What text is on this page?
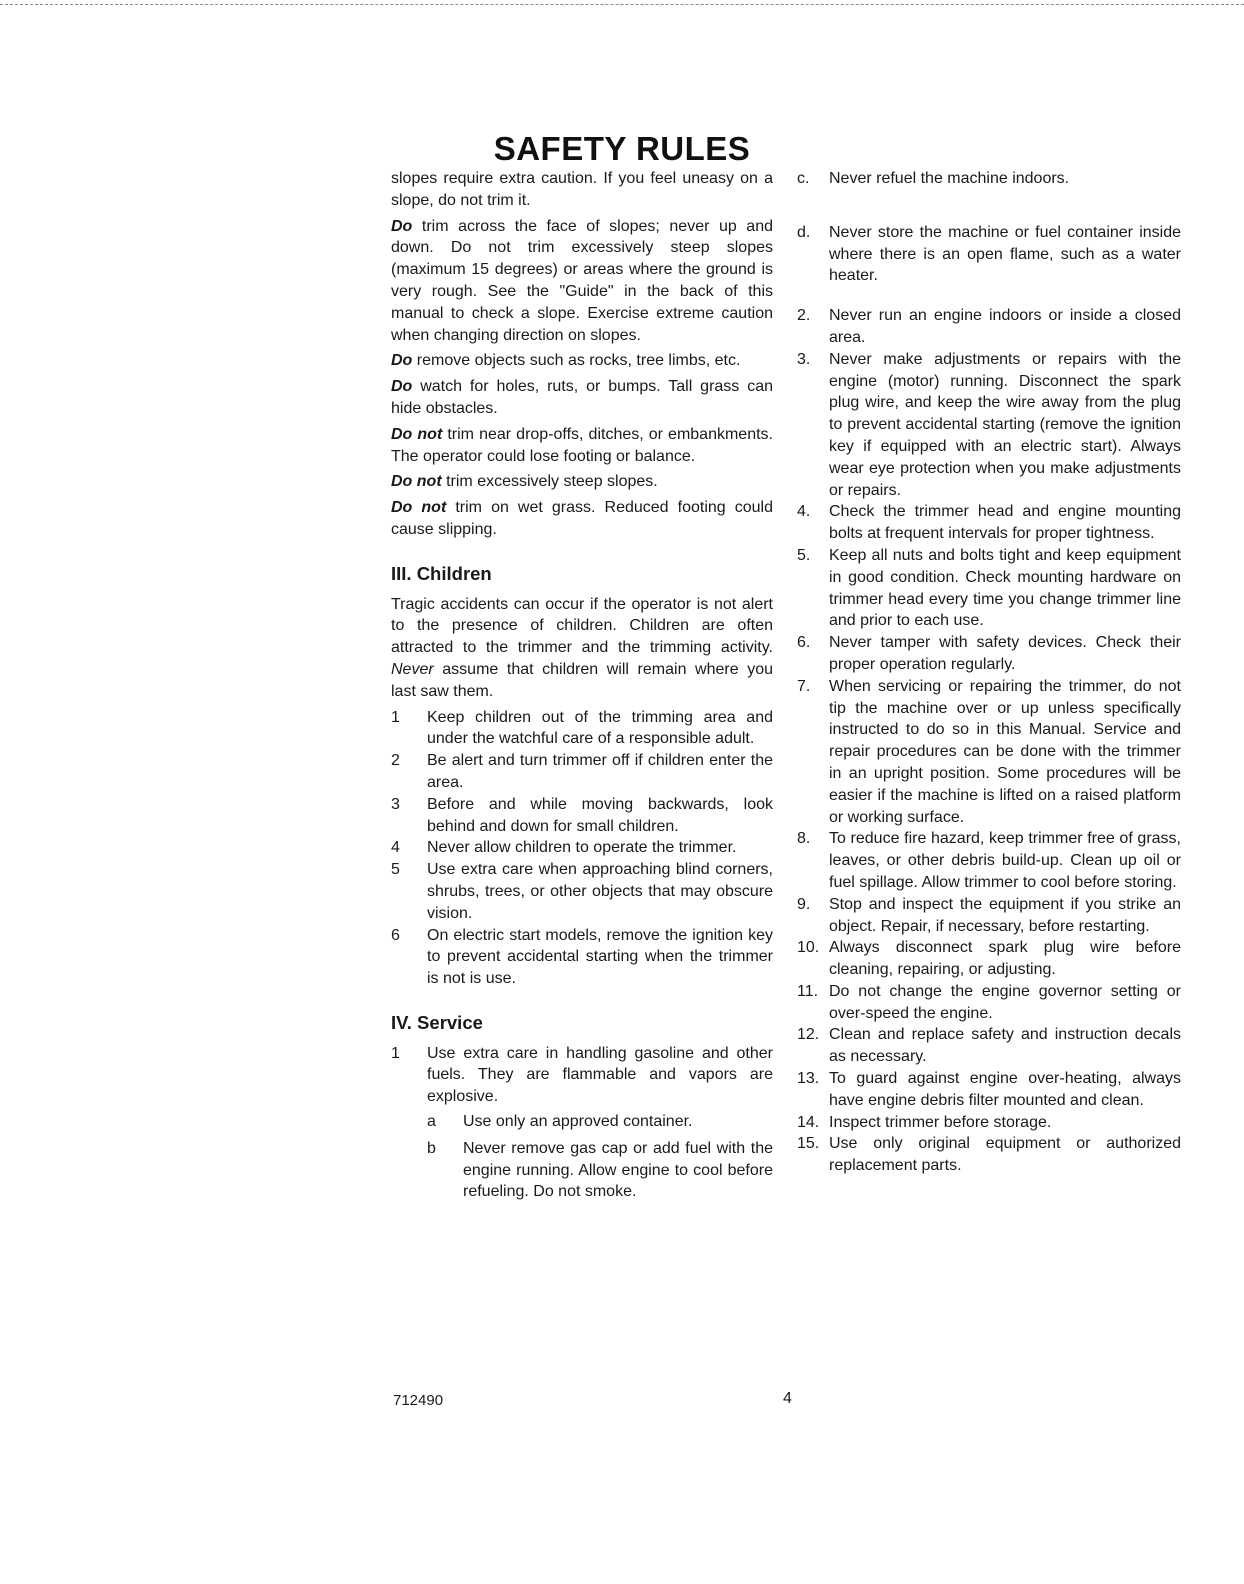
SAFETY RULES

slopes require extra caution. If you feel uneasy on a slope, do not trim it.

Do trim across the face of slopes; never up and down. Do not trim excessively steep slopes (maximum 15 degrees) or areas where the ground is very rough. See the "Guide" in the back of this manual to check a slope. Exercise extreme caution when changing direction on slopes.

Do remove objects such as rocks, tree limbs, etc.

Do watch for holes, ruts, or bumps. Tall grass can hide obstacles.

Do not trim near drop-offs, ditches, or embankments. The operator could lose footing or balance.

Do not trim excessively steep slopes.

Do not trim on wet grass. Reduced footing could cause slipping.

III. Children

Tragic accidents can occur if the operator is not alert to the presence of children. Children are often attracted to the trimmer and the trimming activity. Never assume that children will remain where you last saw them.

1	Keep children out of the trimming area and under the watchful care of a responsible adult.
2	Be alert and turn trimmer off if children enter the area.
3	Before and while moving backwards, look behind and down for small children.
4	Never allow children to operate the trimmer.
5	Use extra care when approaching blind corners, shrubs, trees, or other objects that may obscure vision.
6	On electric start models, remove the ignition key to prevent accidental starting when the trimmer is not is use.
IV. Service
1	Use extra care in handling gasoline and other fuels. They are flammable and vapors are explosive.
a	Use only an approved container.
b	Never remove gas cap or add fuel with the engine running. Allow engine to cool before refueling. Do not smoke.
c.	Never refuel the machine indoors.
d.	Never store the machine or fuel container inside where there is an open flame, such as a water heater.
2.	Never run an engine indoors or inside a closed area.
3.	Never make adjustments or repairs with the engine (motor) running. Disconnect the spark plug wire, and keep the wire away from the plug to prevent accidental starting (remove the ignition key if equipped with an electric start). Always wear eye protection when you make adjustments or repairs.
4.	Check the trimmer head and engine mounting bolts at frequent intervals for proper tightness.
5.	Keep all nuts and bolts tight and keep equipment in good condition. Check mounting hardware on trimmer head every time you change trimmer line and prior to each use.
6.	Never tamper with safety devices. Check their proper operation regularly.
7.	When servicing or repairing the trimmer, do not tip the machine over or up unless specifically instructed to do so in this Manual. Service and repair procedures can be done with the trimmer in an upright position. Some procedures will be easier if the machine is lifted on a raised platform or working surface.
8.	To reduce fire hazard, keep trimmer free of grass, leaves, or other debris build-up. Clean up oil or fuel spillage. Allow trimmer to cool before storing.
9.	Stop and inspect the equipment if you strike an object. Repair, if necessary, before restarting.
10. Always disconnect spark plug wire before cleaning, repairing, or adjusting.
11. Do not change the engine governor setting or over-speed the engine.
12. Clean and replace safety and instruction decals as necessary.
13. To guard against engine over-heating, always have engine debris filter mounted and clean.
14. Inspect trimmer before storage.
15. Use only original equipment or authorized replacement parts.
712490	4
